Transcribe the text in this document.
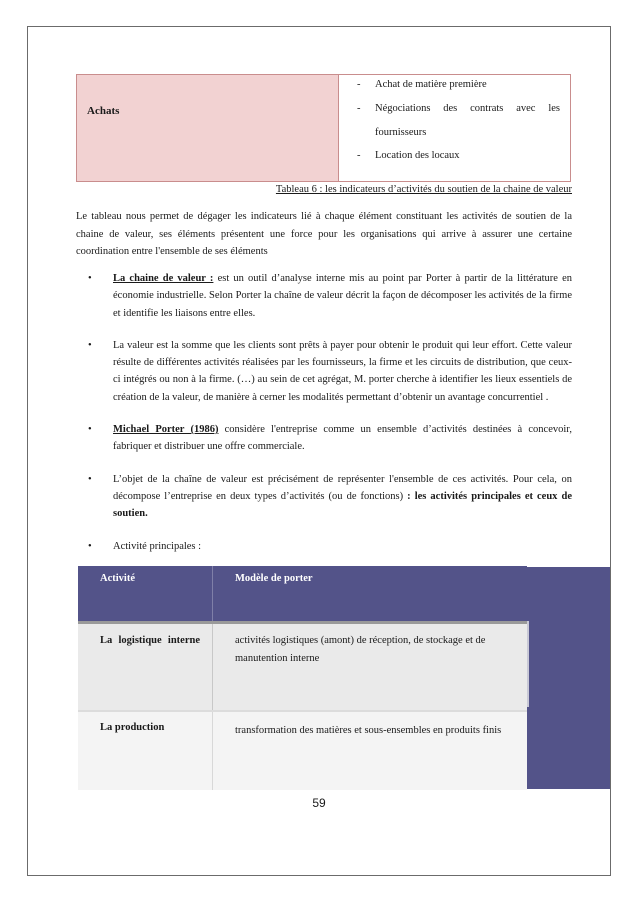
Achats
- Achat de matière première
- Négociations des contrats avec les fournisseurs
- Location des locaux
Tableau 6 : les indicateurs d’activités du soutien de la chaine de valeur
Le tableau nous permet de dégager les indicateurs lié à chaque élément constituant les activités de soutien de la chaine de valeur, ses éléments présentent une force pour les organisations qui arrive à assurer une certaine coordination entre l'ensemble de ses éléments
• La chaine de valeur : est un outil d’analyse interne mis au point par Porter à partir de la littérature en économie industrielle. Selon Porter la chaîne de valeur décrit la façon de décomposer les activités de la firme et identifie les liaisons entre elles.
• La valeur est la somme que les clients sont prêts à payer pour obtenir le produit qui leur effort. Cette valeur résulte de différentes activités réalisées par les fournisseurs, la firme et les circuits de distribution, que ceux-ci intégrés ou non à la firme. (…) au sein de cet agrégat, M. porter cherche à identifier les lieux essentiels de création de la valeur, de manière à cerner les modalités permettant d’obtenir un avantage concurrentiel .
• Michael Porter (1986) considère l'entreprise comme un ensemble d’activités destinées à concevoir, fabriquer et distribuer une offre commerciale.
• L’objet de la chaîne de valeur est précisément de représenter l'ensemble de ces activités. Pour cela, on décompose l’entreprise en deux types d’activités (ou de fonctions) : les activités principales et ceux de soutien.
• Activité principales :
Activité	Modèle de porter
La logistique interne	activités logistiques (amont) de réception, de stockage et de manutention interne
La production	transformation des matières et sous-ensembles en produits finis
59
